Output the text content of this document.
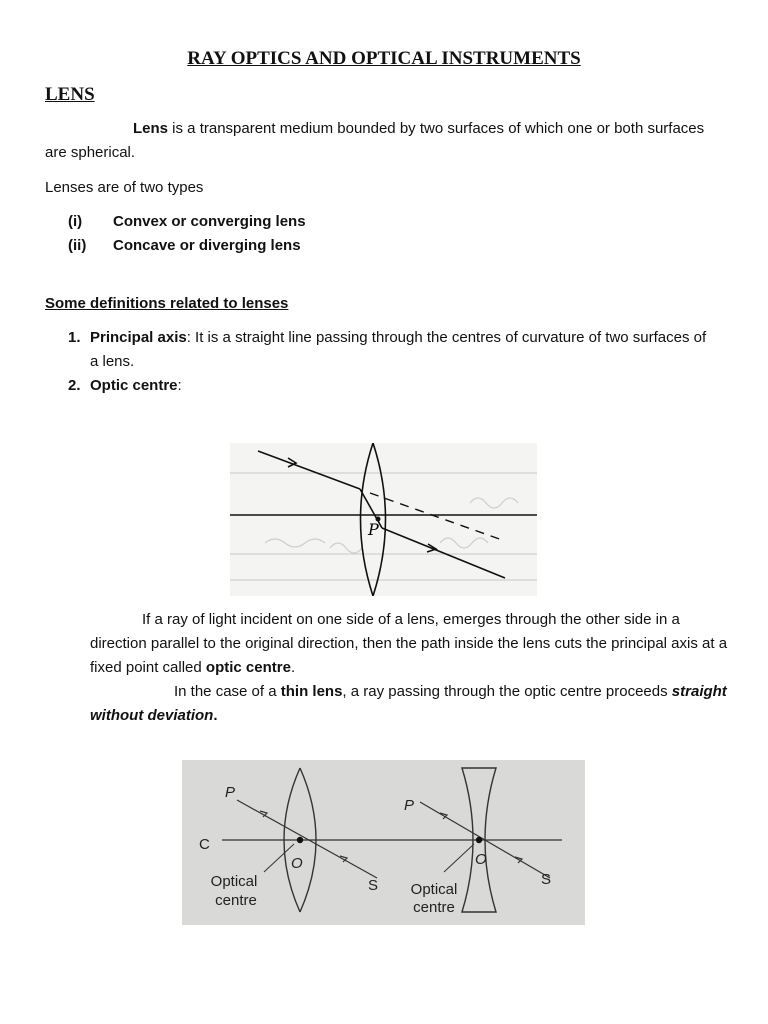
RAY OPTICS AND OPTICAL INSTRUMENTS
LENS
Lens is a transparent medium bounded by two surfaces of which one or both surfaces are spherical.
Lenses are of two types
(i) Convex or converging lens
(ii) Concave or diverging lens
Some definitions related to lenses
1. Principal axis: It is a straight line passing through the centres of curvature of two surfaces of a lens.
2. Optic centre:
P
If a ray of light incident on one side of a lens, emerges through the other side in a direction parallel to the original direction, then the path inside the lens cuts the principal axis at a fixed point called optic centre.
In the case of a thin lens, a ray passing through the optic centre proceeds straight without deviation.
P
C
O
S
Optical
centre
P
O
S
Optical
centre
